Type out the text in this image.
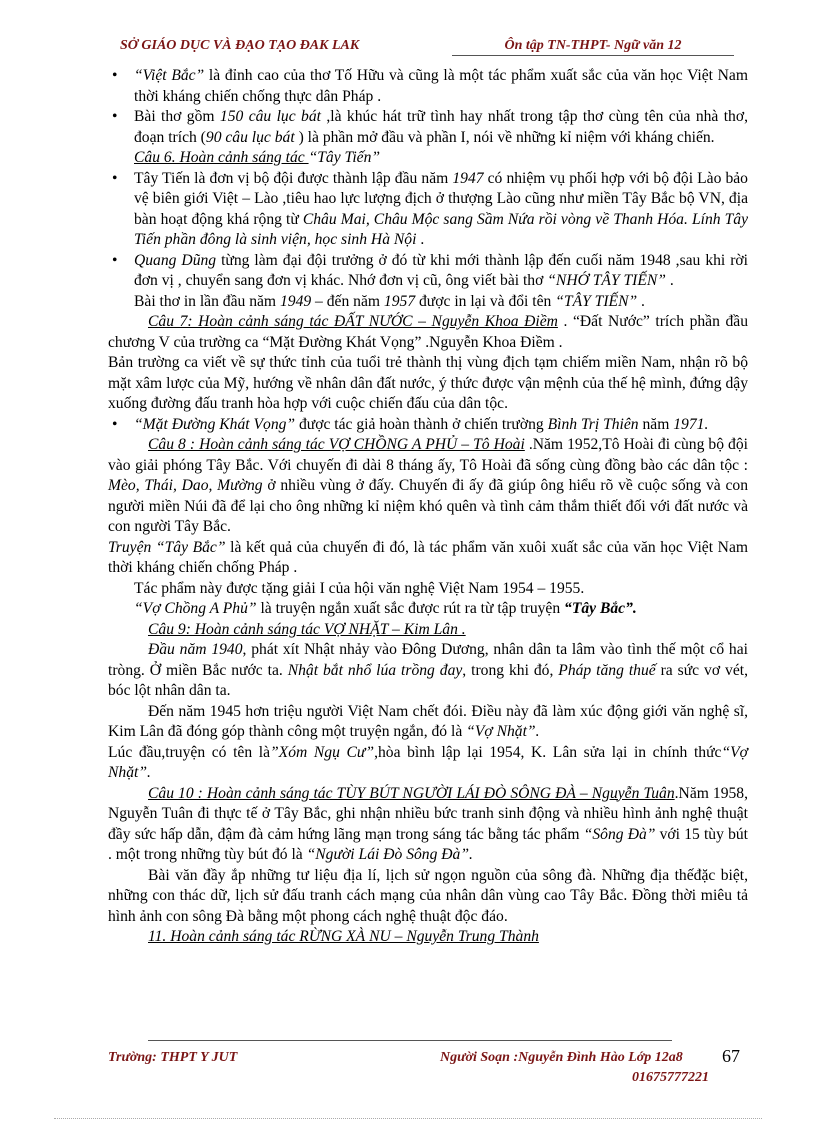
SỞ GIÁO DỤC VÀ ĐẠO TẠO ĐAK LAK	Ôn tập TN-THPT- Ngữ văn 12

• “Việt Bắc” là đỉnh cao của thơ Tố Hữu và cũng là một tác phẩm xuất sắc của văn học Việt Nam thời kháng chiến chống thực dân Pháp .

• Bài thơ gồm 150 câu lục bát ,là khúc hát trữ tình hay nhất trong tập thơ cùng tên của nhà thơ, đoạn trích (90 câu lục bát ) là phần mở đầu và phần I, nói về những kỉ niệm với kháng chiến.

Câu 6. Hoàn cảnh sáng tác “Tây Tiến”

• Tây Tiến là đơn vị bộ đội được thành lập đầu năm 1947 có nhiệm vụ phối hợp với bộ đội Lào bảo vệ biên giới Việt – Lào ,tiêu hao lực lượng địch ở thượng Lào cũng như miền Tây Bắc bộ VN, địa bàn hoạt động khá rộng từ Châu Mai, Châu Mộc sang Sầm Nứa rồi vòng về Thanh Hóa. Lính Tây Tiến phần đông là sinh viện, học sinh Hà Nội .

• Quang Dũng từng làm đại đội trưởng ở đó từ khi mới thành lập đến cuối năm 1948 ,sau khi rời đơn vị , chuyển sang đơn vị khác. Nhớ đơn vị cũ, ông viết bài thơ “NHỚ TÂY TIẾN” .

Bài thơ in lần đầu năm 1949 – đến năm 1957 được in lại và đổi tên “TÂY TIẾN” .

Câu 7: Hoàn cảnh sáng tác ĐẤT NƯỚC – Nguyễn Khoa Điềm . “Đất Nước” trích phần đầu chương V của trường ca “Mặt Đường Khát Vọng” .Nguyễn Khoa Điềm .

Bản trường ca viết về sự thức tỉnh của tuổi trẻ thành thị vùng địch tạm chiếm miền Nam, nhận rõ bộ mặt xâm lược của Mỹ, hướng về nhân dân đất nước, ý thức được vận mệnh của thế hệ mình, đứng dậy xuống đường đấu tranh hòa hợp với cuộc chiến đấu của dân tộc.

• “Mặt Đường Khát Vọng” được tác giả hoàn thành ở chiến trường Bình Trị Thiên năm 1971.

Câu 8 : Hoàn cảnh sáng tác VỢ CHỒNG A PHỦ – Tô Hoài .Năm 1952,Tô Hoài đi cùng bộ đội vào giải phóng Tây Bắc. Với chuyến đi dài 8 tháng ấy, Tô Hoài đã sống cùng đồng bào các dân tộc : Mèo, Thái, Dao, Mường ở nhiều vùng ở đấy. Chuyến đi ấy đã giúp ông hiểu rõ về cuộc sống và con người miền Núi đã để lại cho ông những kỉ niệm khó quên và tình cảm thắm thiết đối với đất nước và con người Tây Bắc.

Truyện “Tây Bắc” là kết quả của chuyến đi đó, là tác phẩm văn xuôi xuất sắc của văn học Việt Nam thời kháng chiến chống Pháp .

Tác phẩm này được tặng giải I của hội văn nghệ Việt Nam 1954 – 1955.

“Vợ Chồng A Phủ” là truyện ngắn xuất sắc được rút ra từ tập truyện “Tây Bắc”.

Câu 9: Hoàn cảnh sáng tác VỢ NHẶT – Kim Lân .

Đầu năm 1940, phát xít Nhật nhảy vào Đông Dương, nhân dân ta lâm vào tình thế một cổ hai tròng. Ở miền Bắc nước ta. Nhật bắt nhổ lúa trồng đay, trong khi đó, Pháp tăng thuế ra sức vơ vét, bóc lột nhân dân ta.

Đến năm 1945 hơn triệu người Việt Nam chết đói. Điều này đã làm xúc động giới văn nghệ sĩ, Kim Lân đã đóng góp thành công một truyện ngắn, đó là “Vợ Nhặt”.

Lúc đầu,truyện có tên là”Xóm Ngụ Cư”,hòa bình lập lại 1954, K. Lân sửa lại in chính thức“Vợ Nhặt”.

Câu 10 : Hoàn cảnh sáng tác TÙY BÚT NGƯỜI LÁI ĐÒ SÔNG ĐÀ – Nguyễn Tuân.Năm 1958, Nguyễn Tuân đi thực tế ở Tây Bắc, ghi nhận nhiều bức tranh sinh động và nhiều hình ảnh nghệ thuật đầy sức hấp dẫn, đậm đà cảm hứng lãng mạn trong sáng tác bằng tác phẩm “Sông Đà” với 15 tùy bút . một trong những tùy bút đó là “Người Lái Đò Sông Đà”.

Bài văn đầy ắp những tư liệu địa lí, lịch sử ngọn nguồn của sông đà. Những địa thếđặc biệt, những con thác dữ, lịch sử đấu tranh cách mạng của nhân dân vùng cao Tây Bắc. Đồng thời miêu tả hình ảnh con sông Đà bằng một phong cách nghệ thuật độc đáo.

11. Hoàn cảnh sáng tác RỪNG XÀ NU – Nguyễn Trung Thành

Trường: THPT Y JUT	Người Soạn :Nguyễn Đình Hào Lớp 12a8
01675777221
67
